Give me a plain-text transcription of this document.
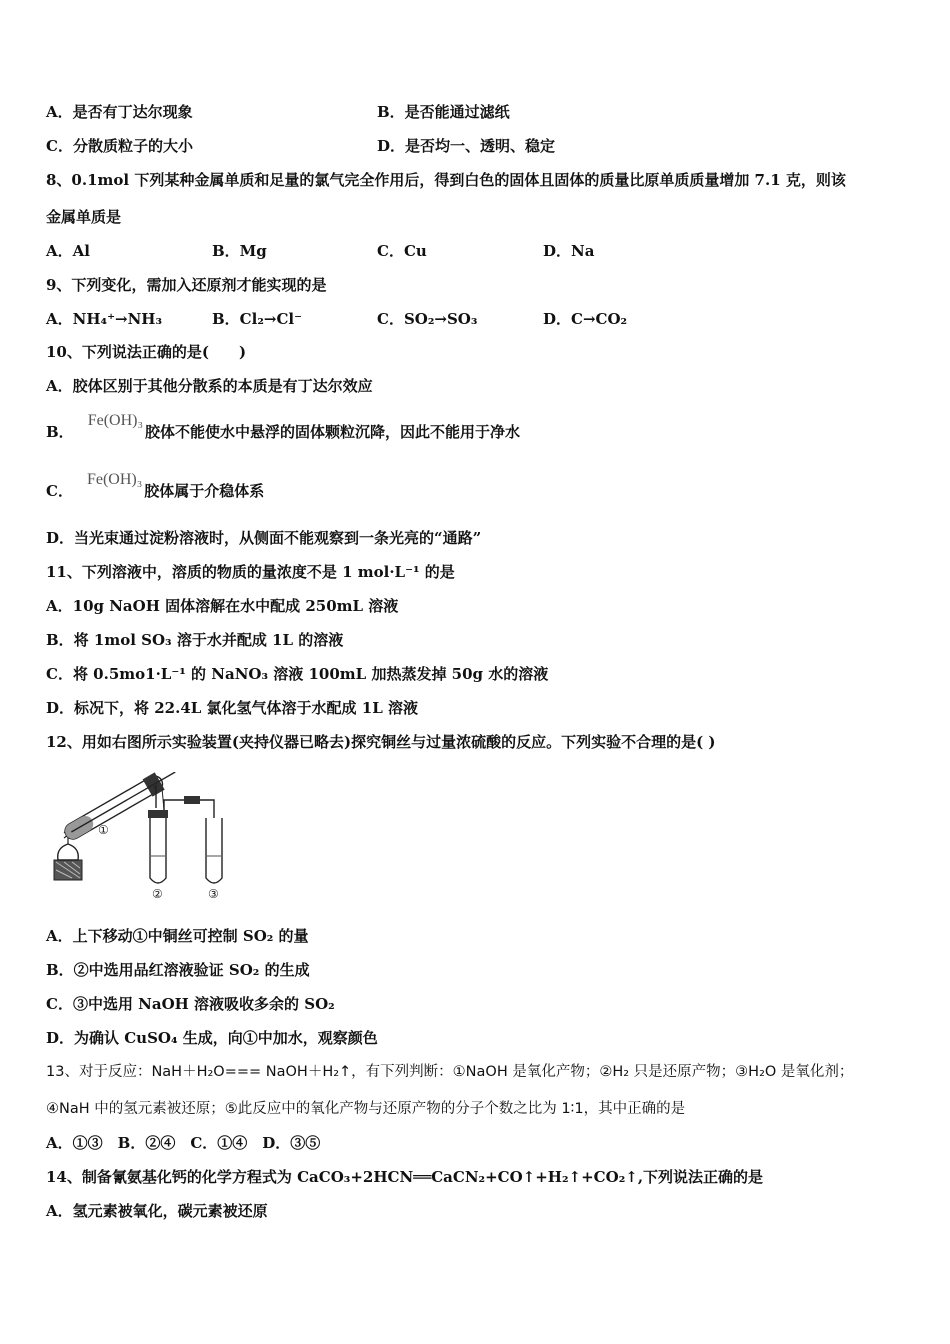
A．是否有丁达尔现象	B．是否能通过滤纸
C．分散质粒子的大小	D．是否均一、透明、稳定
8、0.1mol 下列某种金属单质和足量的氯气完全作用后，得到白色的固体且固体的质量比原单质质量增加 7.1 克，则该
金属单质是
A．Al	B．Mg	C．Cu	D．Na
9、下列变化，需加入还原剂才能实现的是
A．NH₄⁺→NH₃	B．Cl₂→Cl⁻	C．SO₂→SO₃	D．C→CO₂
10、下列说法正确的是(　　)
A．胶体区别于其他分散系的本质是有丁达尔效应
B．Fe(OH)₃胶体不能使水中悬浮的固体颗粒沉降，因此不能用于净水
C．Fe(OH)₃胶体属于介稳体系
D．当光束通过淀粉溶液时，从侧面不能观察到一条光亮的“通路”
11、下列溶液中，溶质的物质的量浓度不是 1 mol·L⁻¹ 的是
A．10g NaOH 固体溶解在水中配成 250mL 溶液
B．将 1mol SO₃ 溶于水并配成 1L 的溶液
C．将 0.5mo1·L⁻¹ 的 NaNO₃ 溶液 100mL 加热蒸发掉 50g 水的溶液
D．标况下，将 22.4L 氯化氢气体溶于水配成 1L 溶液
12、用如右图所示实验装置(夹持仪器已略去)探究铜丝与过量浓硫酸的反应。下列实验不合理的是( )
①
②	③
A．上下移动①中铜丝可控制 SO₂ 的量
B．②中选用品红溶液验证 SO₂ 的生成
C．③中选用 NaOH 溶液吸收多余的 SO₂
D．为确认 CuSO₄ 生成，向①中加水，观察颜色
13、对于反应：NaH＋H₂O=== NaOH＋H₂↑，有下列判断：①NaOH 是氧化产物；②H₂ 只是还原产物；③H₂O 是氧化剂；
④NaH 中的氢元素被还原；⑤此反应中的氧化产物与还原产物的分子个数之比为 1∶1，其中正确的是
A．①③　B．②④　C．①④　D．③⑤
14、制备氰氨基化钙的化学方程式为 CaCO₃+2HCN══CaCN₂+CO↑+H₂↑+CO₂↑,下列说法正确的是
A．氢元素被氧化，碳元素被还原
